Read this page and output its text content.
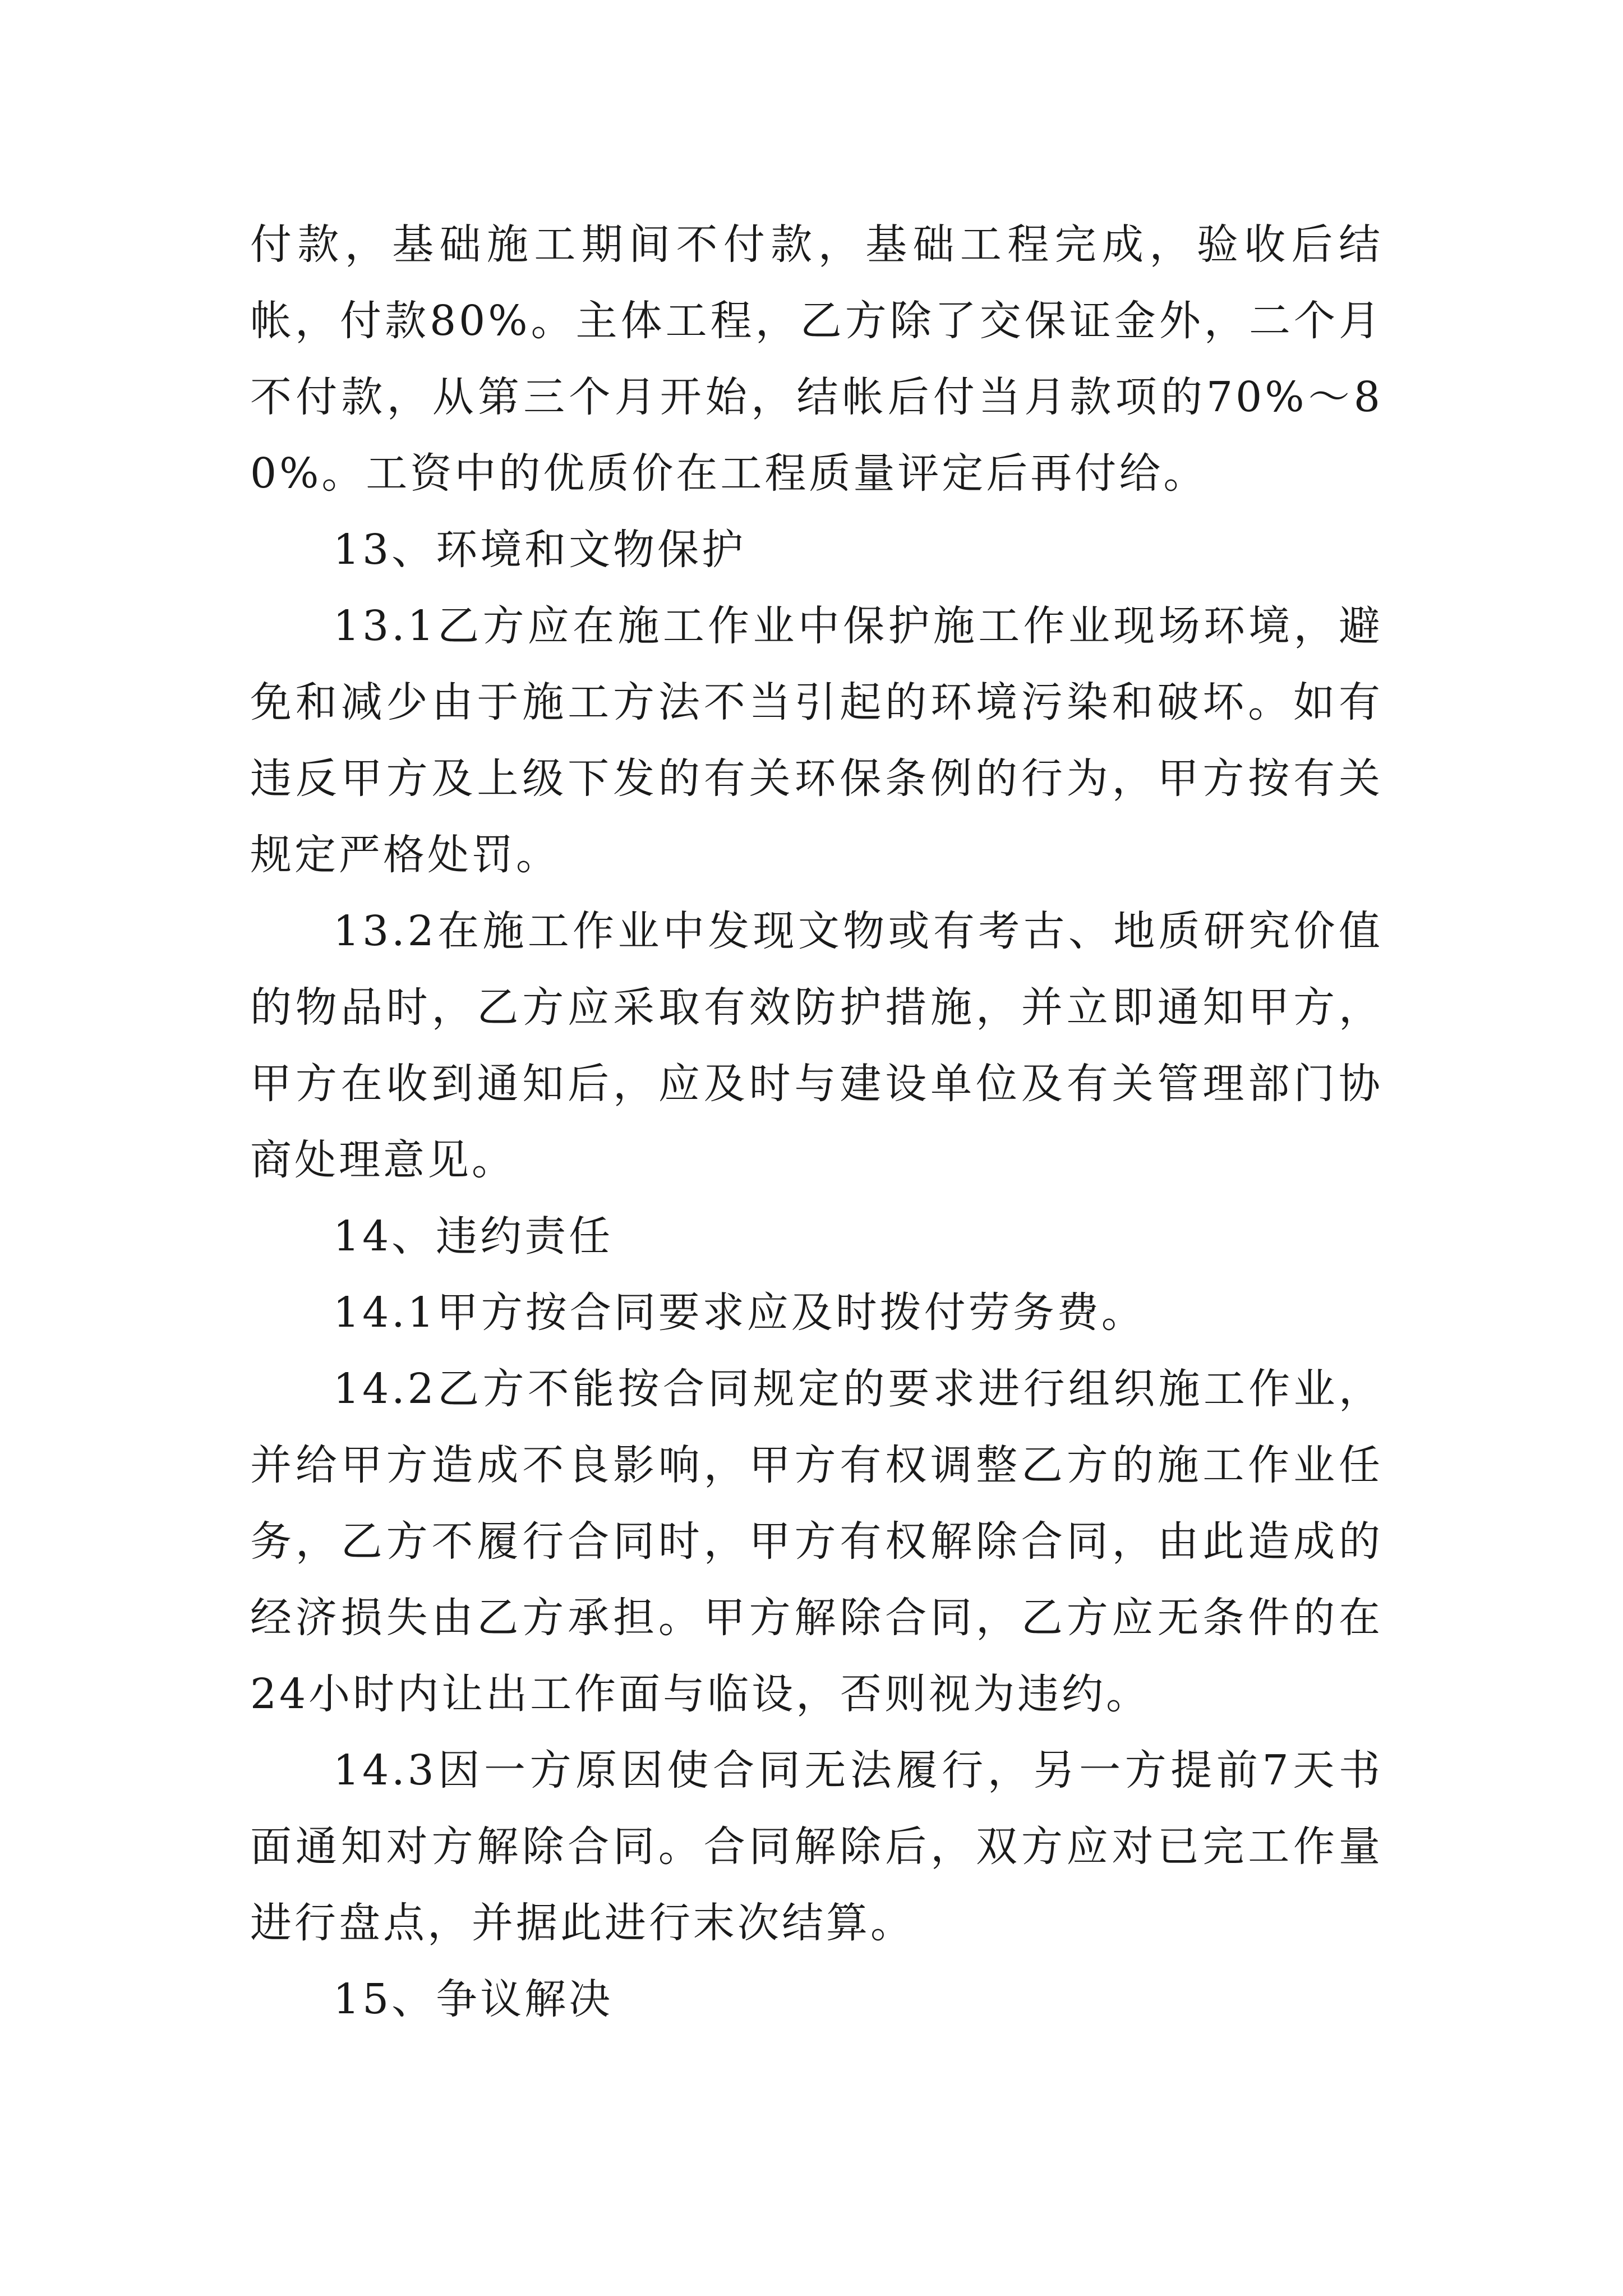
付款，基础施工期间不付款，基础工程完成，验收后结帐，付款80%。主体工程，乙方除了交保证金外，二个月不付款，从第三个月开始，结帐后付当月款项的70%～80%。工资中的优质价在工程质量评定后再付给。

13、环境和文物保护

13.1乙方应在施工作业中保护施工作业现场环境，避免和减少由于施工方法不当引起的环境污染和破坏。如有违反甲方及上级下发的有关环保条例的行为，甲方按有关规定严格处罚。

13.2在施工作业中发现文物或有考古、地质研究价值的物品时，乙方应采取有效防护措施，并立即通知甲方，甲方在收到通知后，应及时与建设单位及有关管理部门协商处理意见。

14、违约责任

14.1甲方按合同要求应及时拨付劳务费。

14.2乙方不能按合同规定的要求进行组织施工作业，并给甲方造成不良影响，甲方有权调整乙方的施工作业任务，乙方不履行合同时，甲方有权解除合同，由此造成的经济损失由乙方承担。甲方解除合同，乙方应无条件的在24小时内让出工作面与临设，否则视为违约。

14.3因一方原因使合同无法履行，另一方提前7天书面通知对方解除合同。合同解除后，双方应对已完工作量进行盘点，并据此进行末次结算。

15、争议解决
